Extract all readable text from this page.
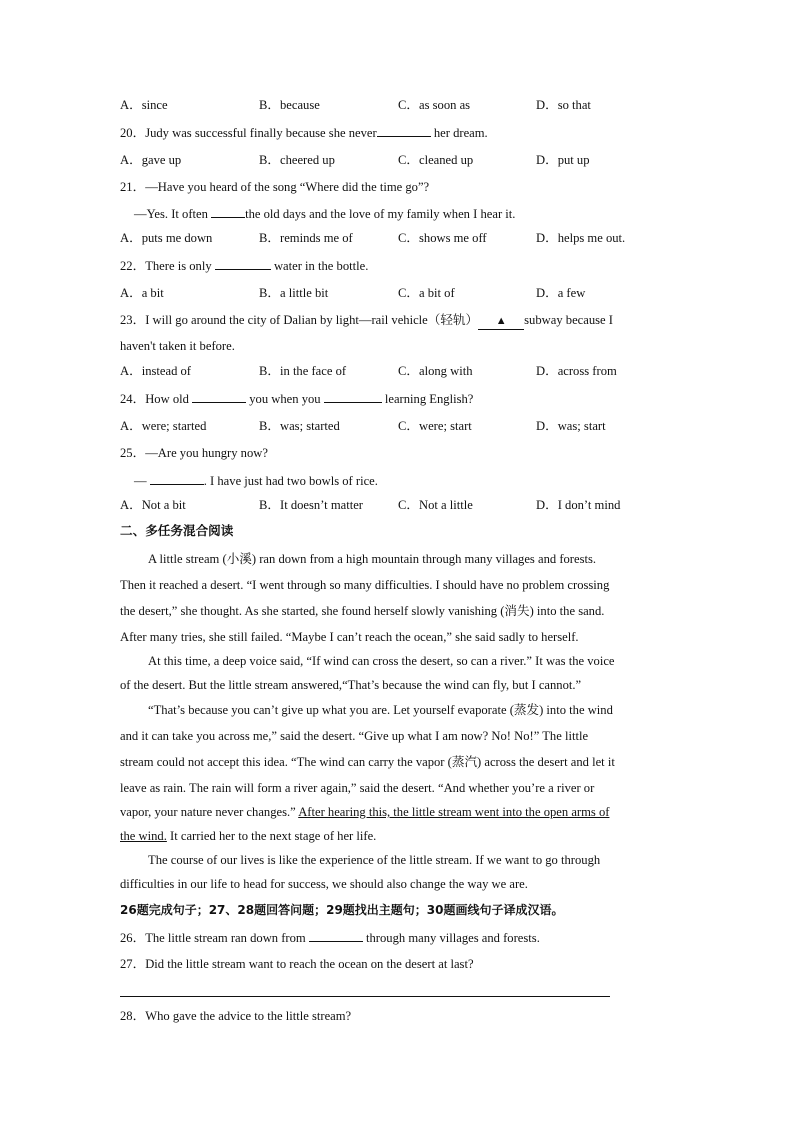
A．since	B．because	C．as soon as	D．so that
20．Judy was successful finally because she never	her dream.
A．gave up	B．cheered up	C．cleaned up	D．put up
21．—Have you heard of the song “Where did the time go”?
—Yes. It often	the old days and the love of my family when I hear it.
A．puts me down	B．reminds me of	C．shows me off	D．helps me out.
22．There is only	water in the bottle.
A．a bit	B．a little bit	C．a bit of	D．a few
23．I will go around the city of Dalian by light—rail vehicle（轻轨） ▲ subway because I
haven't taken it before.
A．instead of	B．in the face of	C．along with	D．across from
24．How old	you when you	learning English?
A．were; started	B．was; started	C．were; start	D．was; start
25．—Are you hungry now?
—	. I have just had two bowls of rice.
A．Not a bit	B．It doesn’t matter	C．Not a little	D．I don’t mind
二、多任务混合阅读
A little stream (小溪) ran down from a high mountain through many villages and forests.
Then it reached a desert. “I went through so many difficulties. I should have no problem crossing
the desert,” she thought. As she started, she found herself slowly vanishing (消失) into the sand.
After many tries, she still failed. “Maybe I can’t reach the ocean,” she said sadly to herself.
At this time, a deep voice said, “If wind can cross the desert, so can a river.” It was the voice
of the desert. But the little stream answered,“That’s because the wind can fly, but I cannot.”
“That’s because you can’t give up what you are. Let yourself evaporate (蒸发) into the wind
and it can take you across me,” said the desert. “Give up what I am now? No! No!” The little
stream could not accept this idea. “The wind can carry the vapor (蒸汽) across the desert and let it
leave as rain. The rain will form a river again,” said the desert. “And whether you’re a river or
vapor, your nature never changes.” After hearing this, the little stream went into the open arms of
the wind. It carried her to the next stage of her life.
The course of our lives is like the experience of the little stream. If we want to go through
difficulties in our life to head for success, we should also change the way we are.
26题完成句子；27、28题回答问题；29题找出主题句；30题画线句子译成汉语。
26．The little stream ran down from	through many villages and forests.
27．Did the little stream want to reach the ocean on the desert at last?
28．Who gave the advice to the little stream?
